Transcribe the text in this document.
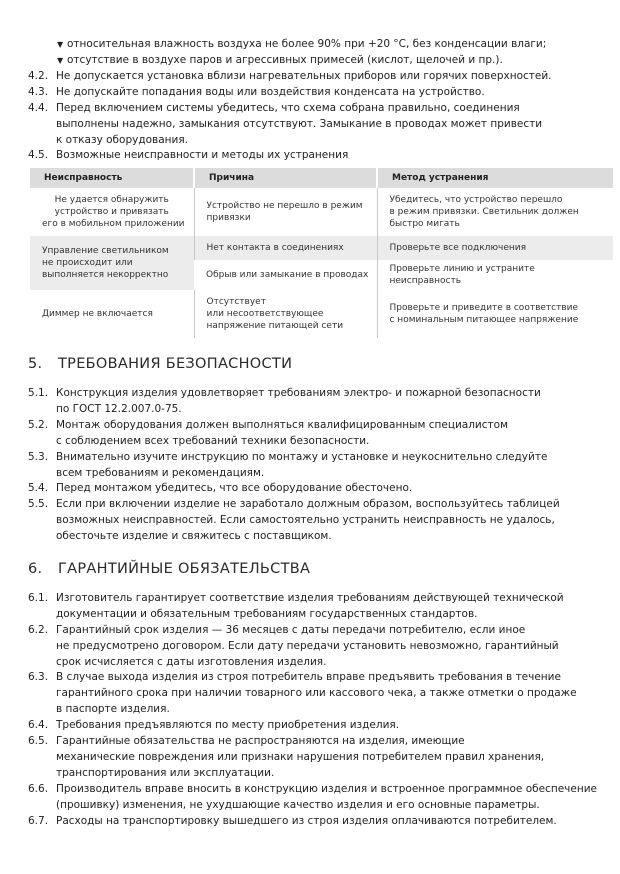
▼ относительная влажность воздуха не более 90% при +20 °С, без конденсации влаги;
▼ отсутствие в воздухе паров и агрессивных примесей (кислот, щелочей и пр.).
4.2. Не допускается установка вблизи нагревательных приборов или горячих поверхностей.
4.3. Не допускайте попадания воды или воздействия конденсата на устройство.
4.4. Перед включением системы убедитесь, что схема собрана правильно, соединения
выполнены надежно, замыкания отсутствуют. Замыкание в проводах может привести
к отказу оборудования.
4.5. Возможные неисправности и методы их устранения
Неисправность	Причина	Метод устранения

Не удается обнаружить
устройство и привязать
его в мобильном приложении	Устройство не перешло в режим
привязки	Убедитесь, что устройство перешло
в режим привязки. Светильник должен
быстро мигать

Управление светильником
не происходит или
выполняется некорректно	Нет контакта в соединениях	Проверьте все подключения

	Обрыв или замыкание в проводах	Проверьте линию и устраните
неисправность

Диммер не включается	Отсутствует
или несоответствующее
напряжение питающей сети	Проверьте и приведите в соответствие
с номинальным питающее напряжение
5. ТРЕБОВАНИЯ БЕЗОПАСНОСТИ
5.1. Конструкция изделия удовлетворяет требованиям электро- и пожарной безопасности
по ГОСТ 12.2.007.0-75.
5.2. Монтаж оборудования должен выполняться квалифицированным специалистом
с соблюдением всех требований техники безопасности.
5.3. Внимательно изучите инструкцию по монтажу и установке и неукоснительно следуйте
всем требованиям и рекомендациям.
5.4. Перед монтажом убедитесь, что все оборудование обесточено.
5.5. Если при включении изделие не заработало должным образом, воспользуйтесь таблицей
возможных неисправностей. Если самостоятельно устранить неисправность не удалось,
обесточьте изделие и свяжитесь с поставщиком.
6. ГАРАНТИЙНЫЕ ОБЯЗАТЕЛЬСТВА
6.1. Изготовитель гарантирует соответствие изделия требованиям действующей технической
документации и обязательным требованиям государственных стандартов.
6.2. Гарантийный срок изделия — 36 месяцев с даты передачи потребителю, если иное
не предусмотрено договором. Если дату передачи установить невозможно, гарантийный
срок исчисляется с даты изготовления изделия.
6.3. В случае выхода изделия из строя потребитель вправе предъявить требования в течение
гарантийного срока при наличии товарного или кассового чека, а также отметки о продаже
в паспорте изделия.
6.4. Требования предъявляются по месту приобретения изделия.
6.5. Гарантийные обязательства не распространяются на изделия, имеющие
механические повреждения или признаки нарушения потребителем правил хранения,
транспортирования или эксплуатации.
6.6. Производитель вправе вносить в конструкцию изделия и встроенное программное обеспечение
(прошивку) изменения, не ухудшающие качество изделия и его основные параметры.
6.7. Расходы на транспортировку вышедшего из строя изделия оплачиваются потребителем.
